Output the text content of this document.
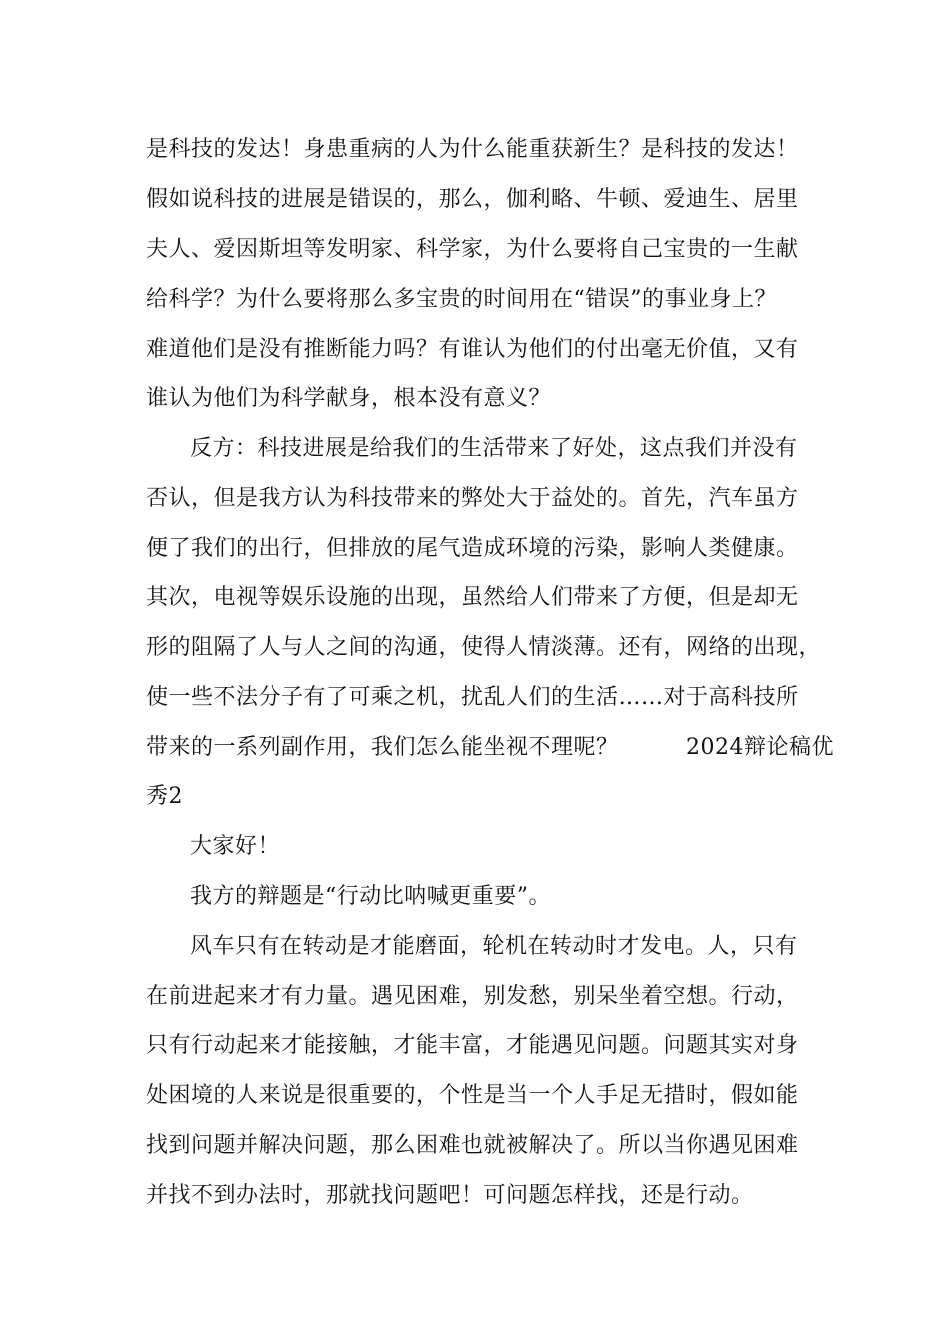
是科技的发达！身患重病的人为什么能重获新生？是科技的发达！
假如说科技的进展是错误的，那么，伽利略、牛顿、爱迪生、居里
夫人、爱因斯坦等发明家、科学家，为什么要将自己宝贵的一生献
给科学？为什么要将那么多宝贵的时间用在“错误”的事业身上？
难道他们是没有推断能力吗？有谁认为他们的付出毫无价值，又有
谁认为他们为科学献身，根本没有意义？
反方：科技进展是给我们的生活带来了好处，这点我们并没有
否认，但是我方认为科技带来的弊处大于益处的。首先，汽车虽方
便了我们的出行，但排放的尾气造成环境的污染，影响人类健康。
其次，电视等娱乐设施的出现，虽然给人们带来了方便，但是却无
形的阻隔了人与人之间的沟通，使得人情淡薄。还有，网络的出现，
使一些不法分子有了可乘之机，扰乱人们的生活……对于高科技所
带来的一系列副作用，我们怎么能坐视不理呢？　　　2024辩论稿优
秀2
大家好！
我方的辩题是“行动比呐喊更重要”。
风车只有在转动是才能磨面，轮机在转动时才发电。人，只有
在前进起来才有力量。遇见困难，别发愁，别呆坐着空想。行动，
只有行动起来才能接触，才能丰富，才能遇见问题。问题其实对身
处困境的人来说是很重要的，个性是当一个人手足无措时，假如能
找到问题并解决问题，那么困难也就被解决了。所以当你遇见困难
并找不到办法时，那就找问题吧！可问题怎样找，还是行动。
